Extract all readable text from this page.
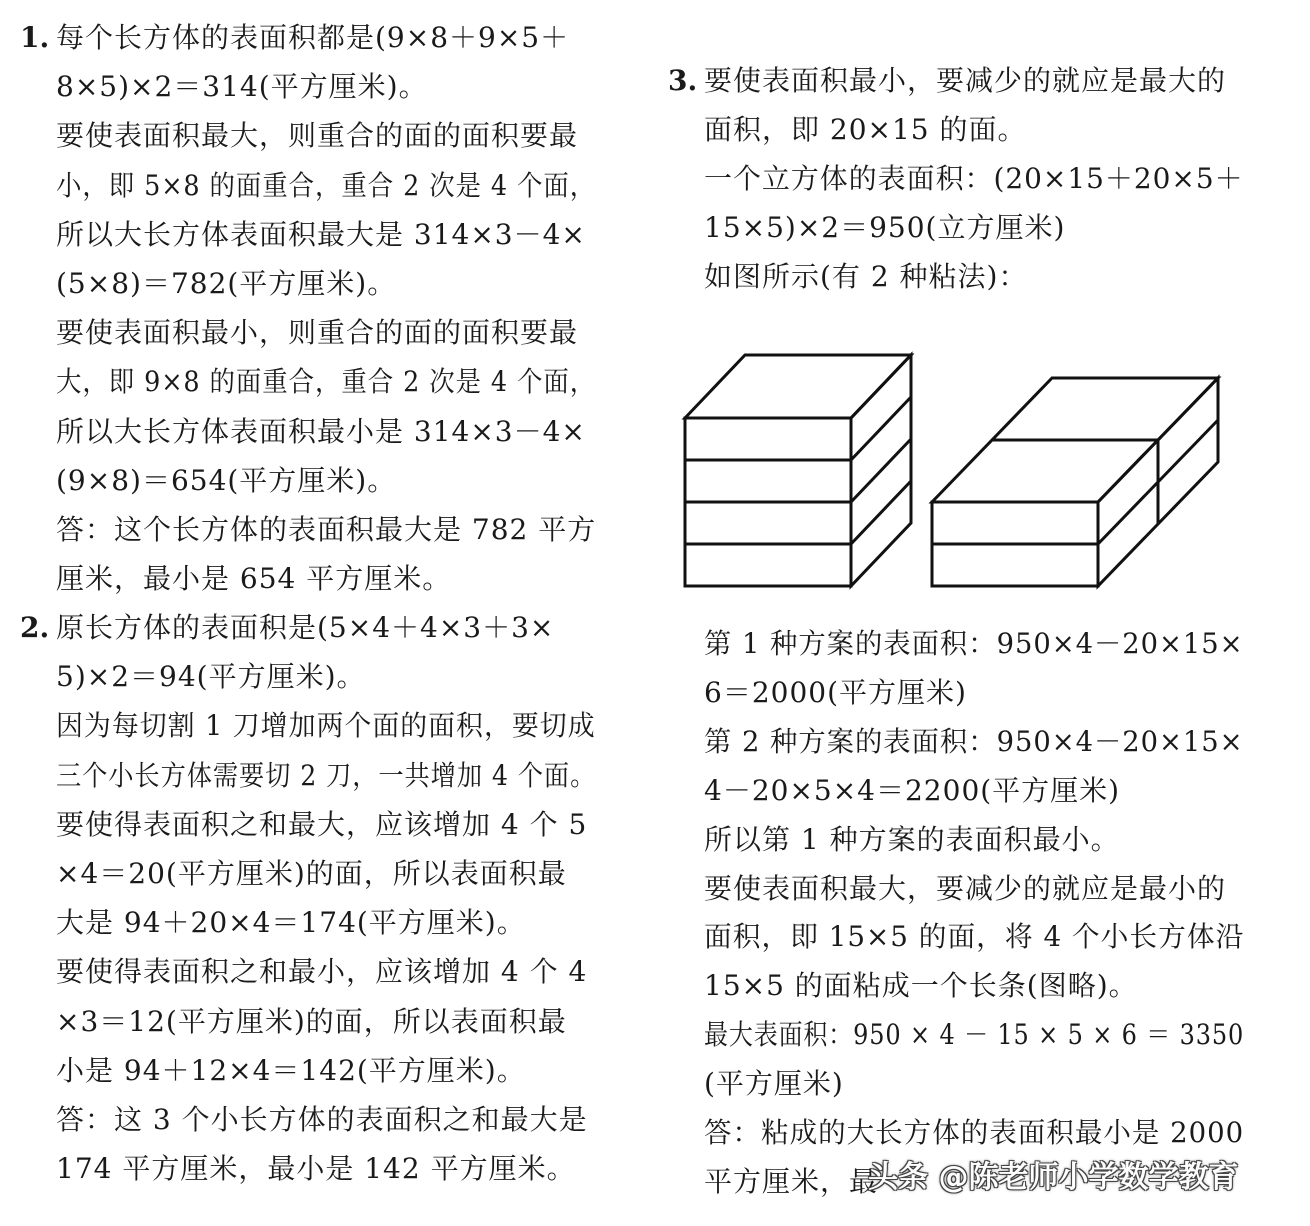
1. 每个长方体的表面积都是(9×8＋9×5＋
8×5)×2＝314(平方厘米)。
要使表面积最大，则重合的面的面积要最
小，即 5×8 的面重合，重合 2 次是 4 个面，
所以大长方体表面积最大是 314×3－4×
(5×8)＝782(平方厘米)。
要使表面积最小，则重合的面的面积要最
大，即 9×8 的面重合，重合 2 次是 4 个面，
所以大长方体表面积最小是 314×3－4×
(9×8)＝654(平方厘米)。
答：这个长方体的表面积最大是 782 平方
厘米，最小是 654 平方厘米。
2. 原长方体的表面积是(5×4＋4×3＋3×
5)×2＝94(平方厘米)。
因为每切割 1 刀增加两个面的面积，要切成
三个小长方体需要切 2 刀，一共增加 4 个面。
要使得表面积之和最大，应该增加 4 个 5
×4＝20(平方厘米)的面，所以表面积最
大是 94＋20×4＝174(平方厘米)。
要使得表面积之和最小，应该增加 4 个 4
×3＝12(平方厘米)的面，所以表面积最
小是 94＋12×4＝142(平方厘米)。
答：这 3 个小长方体的表面积之和最大是
174 平方厘米，最小是 142 平方厘米。
3. 要使表面积最小，要减少的就应是最大的
面积，即 20×15 的面。
一个立方体的表面积：(20×15＋20×5＋
15×5)×2＝950(立方厘米)
如图所示(有 2 种粘法)：
第 1 种方案的表面积：950×4－20×15×
6＝2000(平方厘米)
第 2 种方案的表面积：950×4－20×15×
4－20×5×4＝2200(平方厘米)
所以第 1 种方案的表面积最小。
要使表面积最大，要减少的就应是最小的
面积，即 15×5 的面，将 4 个小长方体沿
15×5 的面粘成一个长条(图略)。
最大表面积：950 × 4 － 15 × 5 × 6 ＝ 3350
(平方厘米)
答：粘成的大长方体的表面积最小是 2000
平方厘米，最
头条 @陈老师小学数学教育
